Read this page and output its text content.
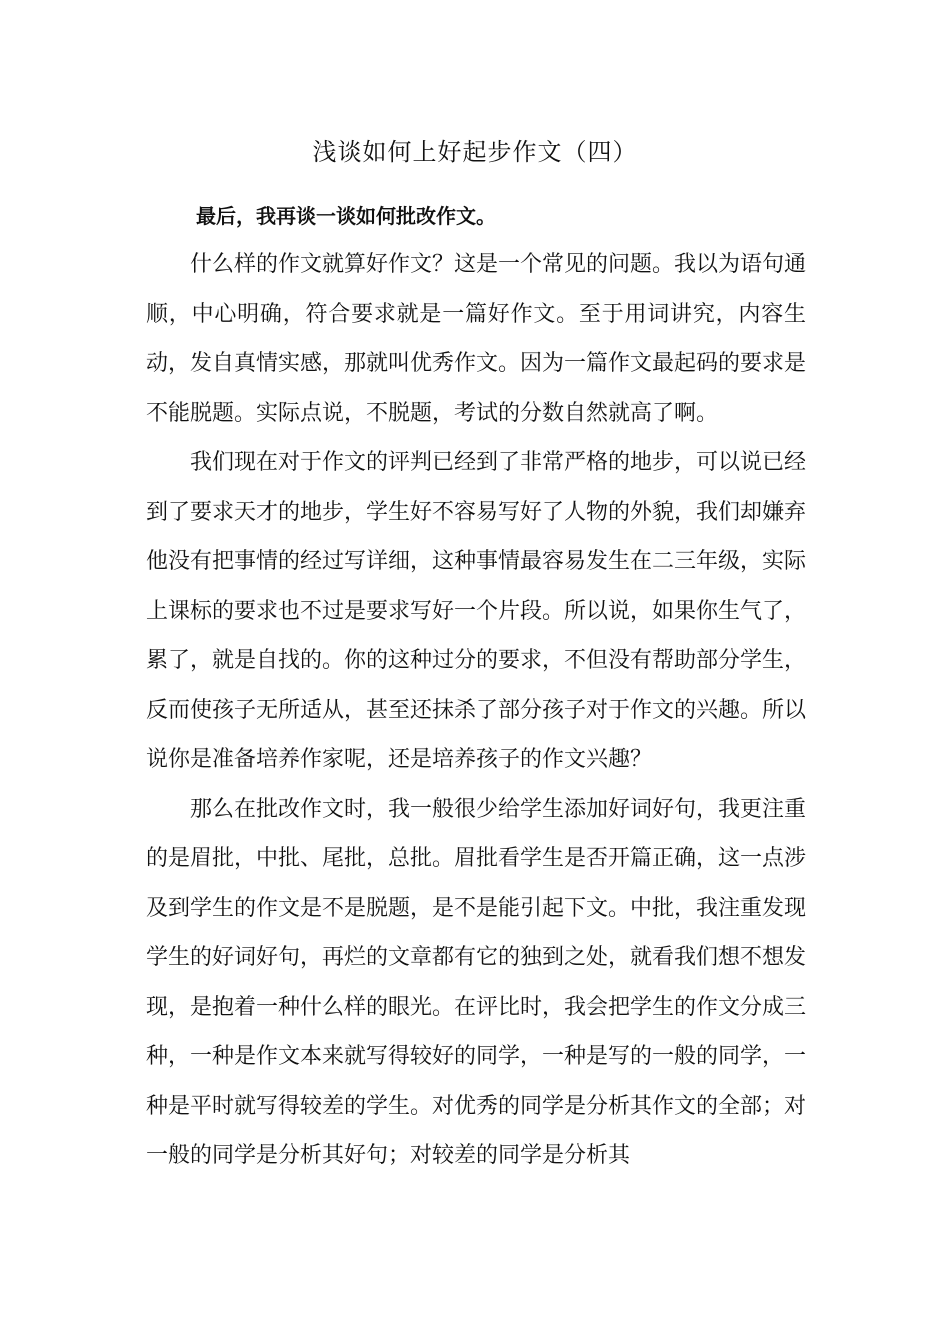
浅谈如何上好起步作文（四）

最后，我再谈一谈如何批改作文。

什么样的作文就算好作文？这是一个常见的问题。我以为语句通顺，中心明确，符合要求就是一篇好作文。至于用词讲究，内容生动，发自真情实感，那就叫优秀作文。因为一篇作文最起码的要求是不能脱题。实际点说，不脱题，考试的分数自然就高了啊。

我们现在对于作文的评判已经到了非常严格的地步，可以说已经到了要求天才的地步，学生好不容易写好了人物的外貌，我们却嫌弃他没有把事情的经过写详细，这种事情最容易发生在二三年级，实际上课标的要求也不过是要求写好一个片段。所以说，如果你生气了，累了，就是自找的。你的这种过分的要求，不但没有帮助部分学生，反而使孩子无所适从，甚至还抹杀了部分孩子对于作文的兴趣。所以说你是准备培养作家呢，还是培养孩子的作文兴趣？

那么在批改作文时，我一般很少给学生添加好词好句，我更注重的是眉批，中批、尾批，总批。眉批看学生是否开篇正确，这一点涉及到学生的作文是不是脱题，是不是能引起下文。中批，我注重发现学生的好词好句，再烂的文章都有它的独到之处，就看我们想不想发现，是抱着一种什么样的眼光。在评比时，我会把学生的作文分成三种，一种是作文本来就写得较好的同学，一种是写的一般的同学，一种是平时就写得较差的学生。对优秀的同学是分析其作文的全部；对一般的同学是分析其好句；对较差的同学是分析其
